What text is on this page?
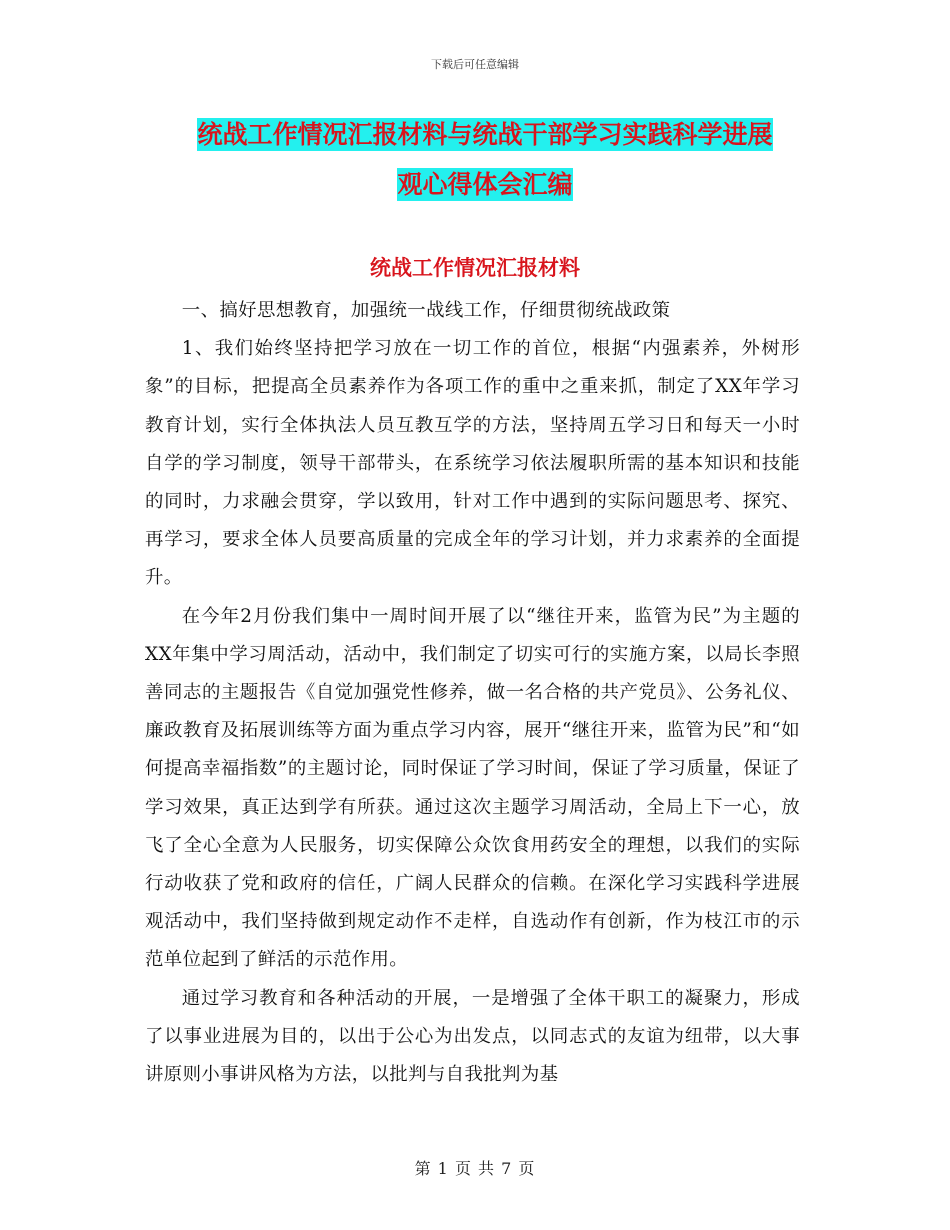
下载后可任意编辑
统战工作情况汇报材料与统战干部学习实践科学进展
观心得体会汇编
统战工作情况汇报材料

一、搞好思想教育，加强统一战线工作，仔细贯彻统战政策

1、我们始终坚持把学习放在一切工作的首位，根据“内强素养，外树形象”的目标，把提高全员素养作为各项工作的重中之重来抓，制定了XX年学习教育计划，实行全体执法人员互教互学的方法，坚持周五学习日和每天一小时自学的学习制度，领导干部带头，在系统学习依法履职所需的基本知识和技能的同时，力求融会贯穿，学以致用，针对工作中遇到的实际问题思考、探究、再学习，要求全体人员要高质量的完成全年的学习计划，并力求素养的全面提升。

在今年2月份我们集中一周时间开展了以“继往开来，监管为民”为主题的XX年集中学习周活动，活动中，我们制定了切实可行的实施方案，以局长李照善同志的主题报告《自觉加强党性修养，做一名合格的共产党员》、公务礼仪、廉政教育及拓展训练等方面为重点学习内容，展开“继往开来，监管为民”和“如何提高幸福指数”的主题讨论，同时保证了学习时间，保证了学习质量，保证了学习效果，真正达到学有所获。通过这次主题学习周活动，全局上下一心，放飞了全心全意为人民服务，切实保障公众饮食用药安全的理想，以我们的实际行动收获了党和政府的信任，广阔人民群众的信赖。在深化学习实践科学进展观活动中，我们坚持做到规定动作不走样，自选动作有创新，作为枝江市的示范单位起到了鲜活的示范作用。

通过学习教育和各种活动的开展，一是增强了全体干职工的凝聚力，形成了以事业进展为目的，以出于公心为出发点，以同志式的友谊为纽带，以大事讲原则小事讲风格为方法，以批判与自我批判为基

第 1 页 共 7 页
